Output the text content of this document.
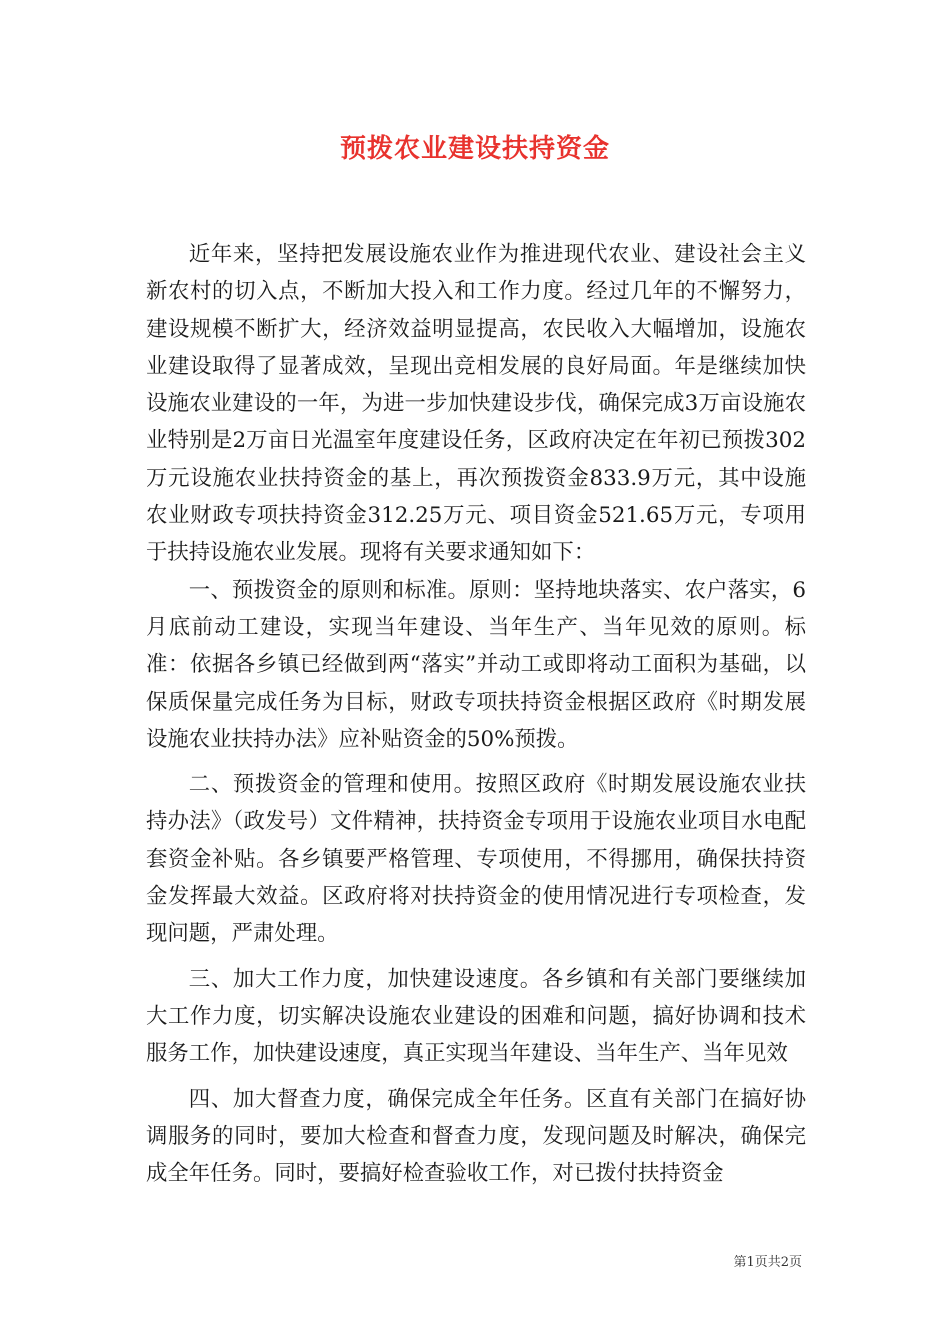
预拨农业建设扶持资金

近年来，坚持把发展设施农业作为推进现代农业、建设社会主义新农村的切入点，不断加大投入和工作力度。经过几年的不懈努力，建设规模不断扩大，经济效益明显提高，农民收入大幅增加，设施农业建设取得了显著成效，呈现出竞相发展的良好局面。年是继续加快设施农业建设的一年，为进一步加快建设步伐，确保完成3万亩设施农业特别是2万亩日光温室年度建设任务，区政府决定在年初已预拨302万元设施农业扶持资金的基上，再次预拨资金833.9万元，其中设施农业财政专项扶持资金312.25万元、项目资金521.65万元，专项用于扶持设施农业发展。现将有关要求通知如下：

一、预拨资金的原则和标准。原则：坚持地块落实、农户落实，6月底前动工建设，实现当年建设、当年生产、当年见效的原则。标准：依据各乡镇已经做到两“落实”并动工或即将动工面积为基础，以保质保量完成任务为目标，财政专项扶持资金根据区政府《时期发展设施农业扶持办法》应补贴资金的50%预拨。

二、预拨资金的管理和使用。按照区政府《时期发展设施农业扶持办法》（政发号）文件精神，扶持资金专项用于设施农业项目水电配套资金补贴。各乡镇要严格管理、专项使用，不得挪用，确保扶持资金发挥最大效益。区政府将对扶持资金的使用情况进行专项检查，发现问题，严肃处理。

三、加大工作力度，加快建设速度。各乡镇和有关部门要继续加大工作力度，切实解决设施农业建设的困难和问题，搞好协调和技术服务工作，加快建设速度，真正实现当年建设、当年生产、当年见效

四、加大督查力度，确保完成全年任务。区直有关部门在搞好协调服务的同时，要加大检查和督查力度，发现问题及时解决，确保完成全年任务。同时，要搞好检查验收工作，对已拨付扶持资金

第1页共2页
